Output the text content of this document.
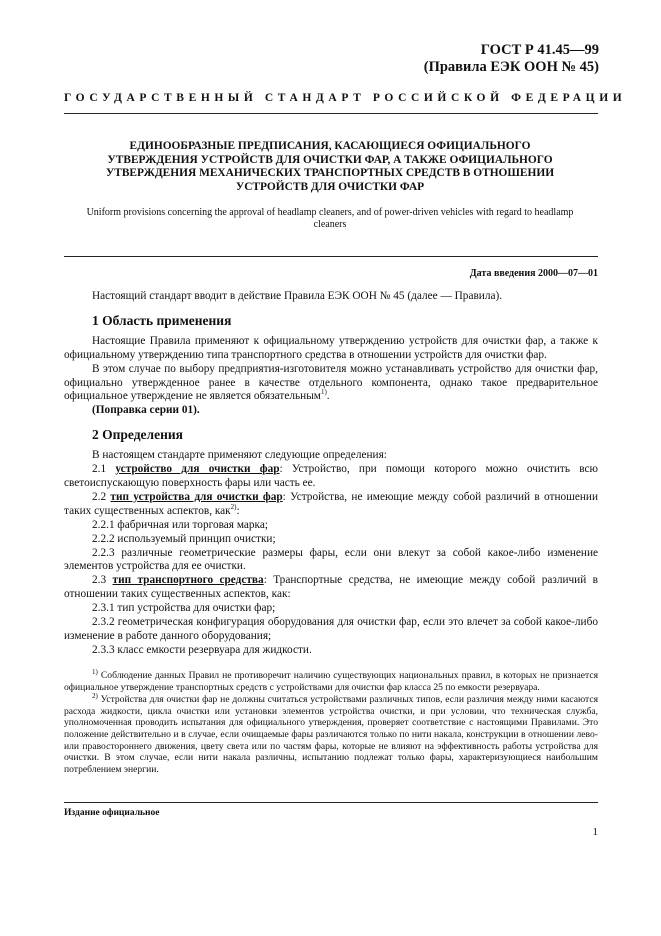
ГОСТ Р 41.45—99
(Правила ЕЭК ООН № 45)
ГОСУДАРСТВЕННЫЙ СТАНДАРТ РОССИЙСКОЙ ФЕДЕРАЦИИ
ЕДИНООБРАЗНЫЕ ПРЕДПИСАНИЯ, КАСАЮЩИЕСЯ ОФИЦИАЛЬНОГО УТВЕРЖДЕНИЯ УСТРОЙСТВ ДЛЯ ОЧИСТКИ ФАР, А ТАКЖЕ ОФИЦИАЛЬНОГО УТВЕРЖДЕНИЯ МЕХАНИЧЕСКИХ ТРАНСПОРТНЫХ СРЕДСТВ В ОТНОШЕНИИ УСТРОЙСТВ ДЛЯ ОЧИСТКИ ФАР
Uniform provisions concerning the approval of headlamp cleaners, and of power-driven vehicles with regard to headlamp cleaners
Дата введения 2000—07—01

Настоящий стандарт вводит в действие Правила ЕЭК ООН № 45 (далее — Правила).

1 Область применения

Настоящие Правила применяют к официальному утверждению устройств для очистки фар, а также к официальному утверждению типа транспортного средства в отношении устройств для очистки фар.

В этом случае по выбору предприятия-изготовителя можно устанавливать устройство для очистки фар, официально утвержденное ранее в качестве отдельного компонента, однако такое предварительное официальное утверждение не является обязательным$^{1)}$.

(Поправка серии 01).

2 Определения

В настоящем стандарте применяют следующие определения:

2.1 устройство для очистки фар: Устройство, при помощи которого можно очистить всю светоиспускающую поверхность фары или часть ее.

2.2 тип устройства для очистки фар: Устройства, не имеющие между собой различий в отношении таких существенных аспектов, как$^{2)}$:

2.2.1 фабричная или торговая марка;

2.2.2 используемый принцип очистки;

2.2.3 различные геометрические размеры фары, если они влекут за собой какое-либо изменение элементов устройства для ее очистки.

2.3 тип транспортного средства: Транспортные средства, не имеющие между собой различий в отношении таких существенных аспектов, как:

2.3.1 тип устройства для очистки фар;

2.3.2 геометрическая конфигурация оборудования для очистки фар, если это влечет за собой какое-либо изменение в работе данного оборудования;

2.3.3 класс емкости резервуара для жидкости.

$^{1)}$ Соблюдение данных Правил не противоречит наличию существующих национальных правил, в которых не признается официальное утверждение транспортных средств с устройствами для очистки фар класса 25 по емкости резервуара.

$^{2)}$ Устройства для очистки фар не должны считаться устройствами различных типов, если различия между ними касаются расхода жидкости, цикла очистки или установки элементов устройства очистки, и при условии, что техническая служба, уполномоченная проводить испытания для официального утверждения, проверяет соответствие с настоящими Правилами. Это положение действительно и в случае, если очищаемые фары различаются только по нити накала, конструкции в отношении лево- или правостороннего движения, цвету света или по частям фары, которые не влияют на эффективность работы устройства для очистки. В этом случае, если нити накала различны, испытанию подлежат только фары, характеризующиеся наибольшим потреблением энергии.

Издание официальное
1
